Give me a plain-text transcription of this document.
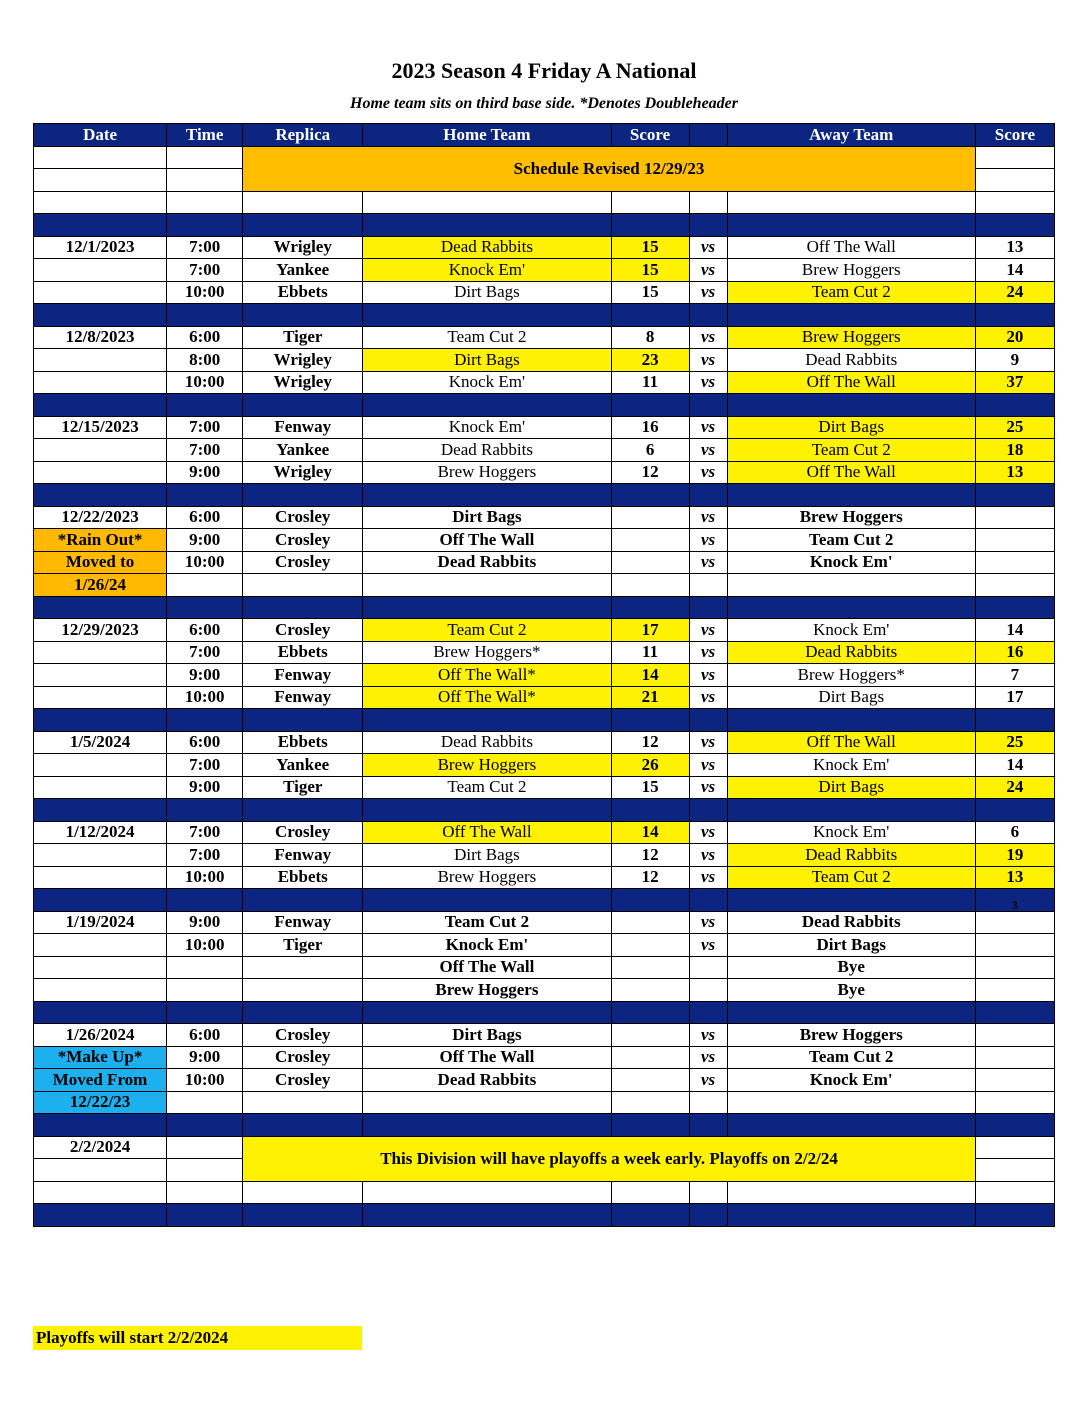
2023 Season 4 Friday A National
Home team sits on third base side. *Denotes Doubleheader
Date	Time	Replica	Home Team	Score		Away Team	Score
		Schedule Revised 12/29/23					

12/1/2023	7:00	Wrigley	Dead Rabbits	15	vs	Off The Wall	13
	7:00	Yankee	Knock Em'	15	vs	Brew Hoggers	14
	10:00	Ebbets	Dirt Bags	15	vs	Team Cut 2	24

12/8/2023	6:00	Tiger	Team Cut 2	8	vs	Brew Hoggers	20
	8:00	Wrigley	Dirt Bags	23	vs	Dead Rabbits	9
	10:00	Wrigley	Knock Em'	11	vs	Off The Wall	37

12/15/2023	7:00	Fenway	Knock Em'	16	vs	Dirt Bags	25
	7:00	Yankee	Dead Rabbits	6	vs	Team Cut 2	18
	9:00	Wrigley	Brew Hoggers	12	vs	Off The Wall	13

12/22/2023	6:00	Crosley	Dirt Bags		vs	Brew Hoggers	
*Rain Out*	9:00	Crosley	Off The Wall		vs	Team Cut 2	
Moved to	10:00	Crosley	Dead Rabbits		vs	Knock Em'	
1/26/24							

12/29/2023	6:00	Crosley	Team Cut 2	17	vs	Knock Em'	14
	7:00	Ebbets	Brew Hoggers*	11	vs	Dead Rabbits	16
	9:00	Fenway	Off The Wall*	14	vs	Brew Hoggers*	7
	10:00	Fenway	Off The Wall*	21	vs	Dirt Bags	17

1/5/2024	6:00	Ebbets	Dead Rabbits	12	vs	Off The Wall	25
	7:00	Yankee	Brew Hoggers	26	vs	Knock Em'	14
	9:00	Tiger	Team Cut 2	15	vs	Dirt Bags	24

1/12/2024	7:00	Crosley	Off The Wall	14	vs	Knock Em'	6
	7:00	Fenway	Dirt Bags	12	vs	Dead Rabbits	19
	10:00	Ebbets	Brew Hoggers	12	vs	Team Cut 2	13
							3
1/19/2024	9:00	Fenway	Team Cut 2		vs	Dead Rabbits	
	10:00	Tiger	Knock Em'		vs	Dirt Bags	
			Off The Wall			Bye	
			Brew Hoggers			Bye	

1/26/2024	6:00	Crosley	Dirt Bags		vs	Brew Hoggers	
*Make Up*	9:00	Crosley	Off The Wall		vs	Team Cut 2	
Moved From	10:00	Crosley	Dead Rabbits		vs	Knock Em'	
12/22/23							

2/2/2024		This Division will have playoffs a week early. Playoffs on 2/2/24					

Playoffs will start 2/2/2024
